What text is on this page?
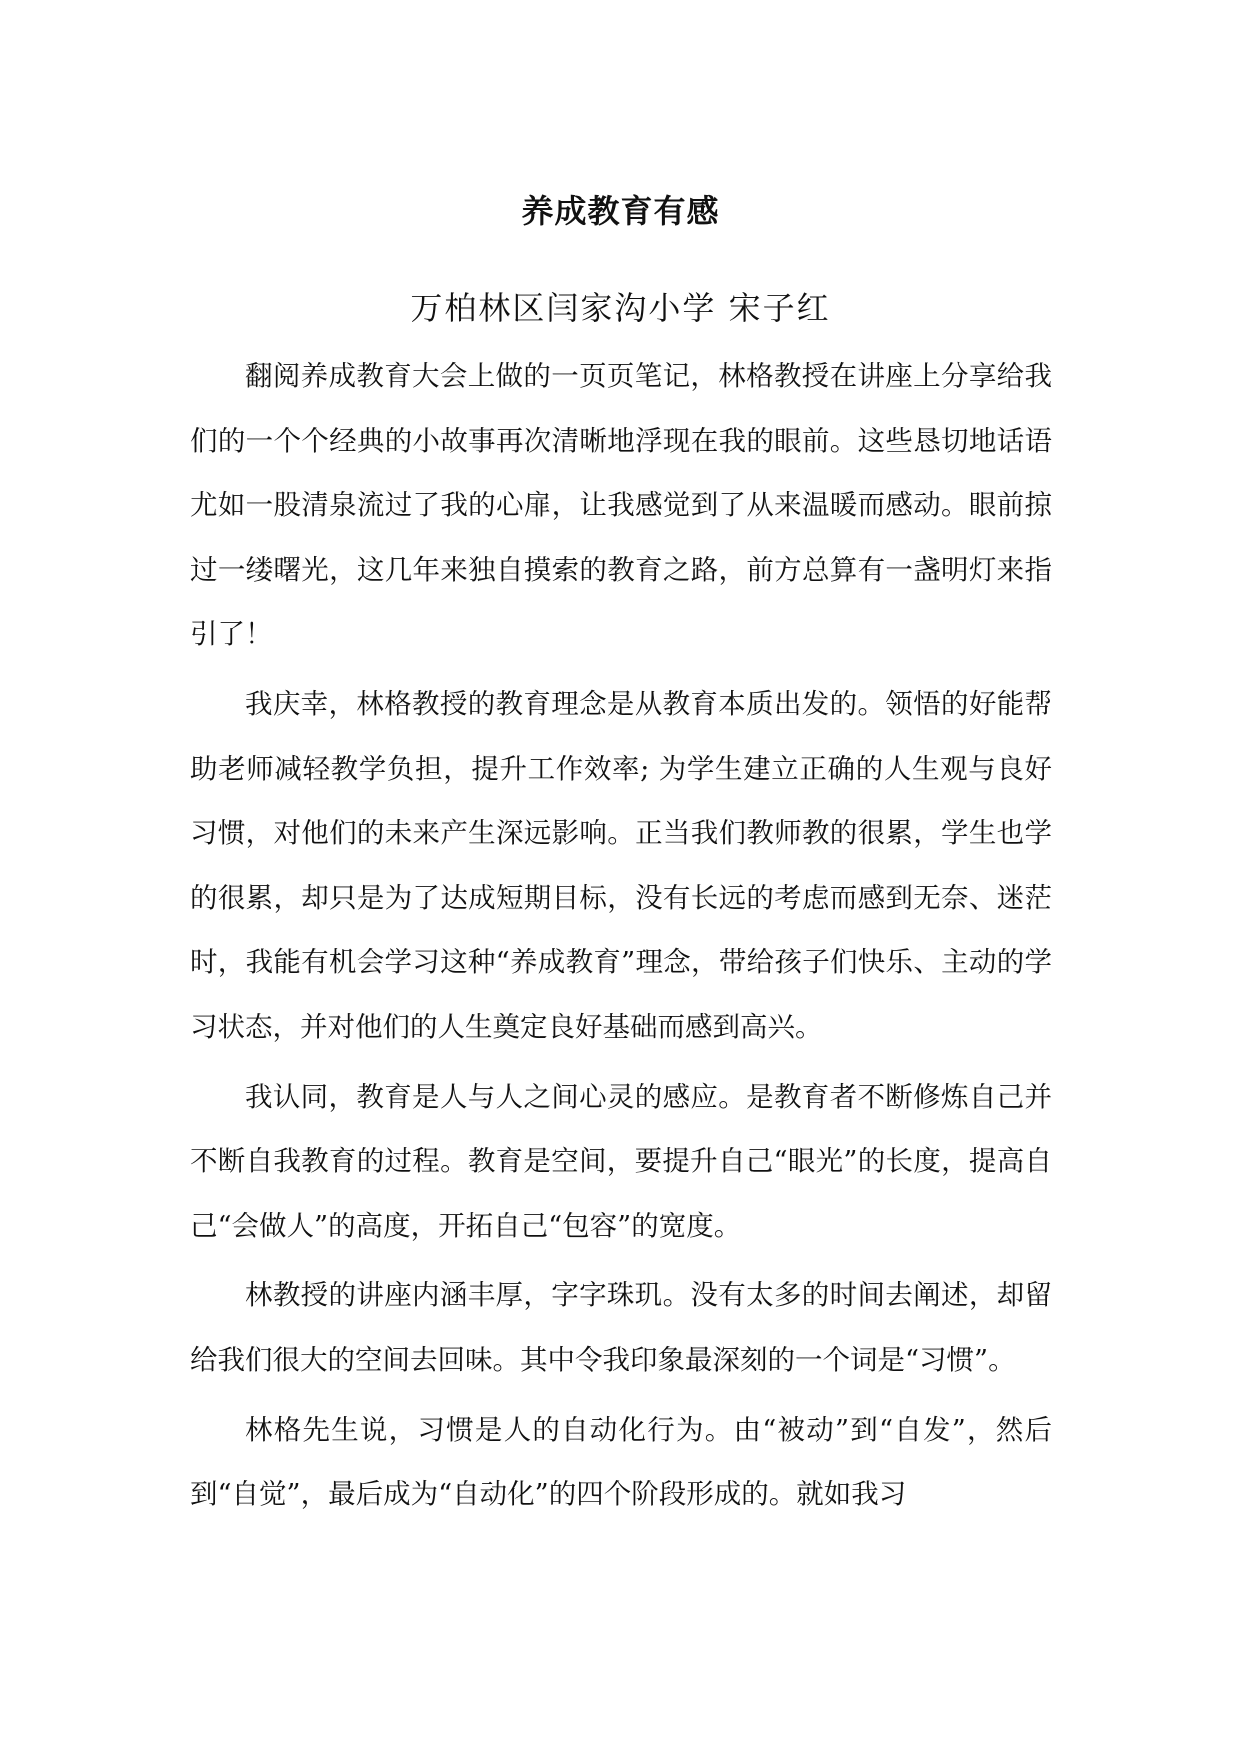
养成教育有感
万柏林区闫家沟小学 宋子红

翻阅养成教育大会上做的一页页笔记，林格教授在讲座上分享给我们的一个个经典的小故事再次清晰地浮现在我的眼前。这些恳切地话语尤如一股清泉流过了我的心扉，让我感觉到了从来温暖而感动。眼前掠过一缕曙光，这几年来独自摸索的教育之路，前方总算有一盏明灯来指引了！

我庆幸，林格教授的教育理念是从教育本质出发的。领悟的好能帮助老师减轻教学负担，提升工作效率; 为学生建立正确的人生观与良好习惯，对他们的未来产生深远影响。正当我们教师教的很累，学生也学的很累，却只是为了达成短期目标，没有长远的考虑而感到无奈、迷茫时，我能有机会学习这种“养成教育”理念，带给孩子们快乐、主动的学习状态，并对他们的人生奠定良好基础而感到高兴。

我认同，教育是人与人之间心灵的感应。是教育者不断修炼自己并不断自我教育的过程。教育是空间，要提升自己“眼光”的长度，提高自己“会做人”的高度，开拓自己“包容”的宽度。

林教授的讲座内涵丰厚，字字珠玑。没有太多的时间去阐述，却留给我们很大的空间去回味。其中令我印象最深刻的一个词是“习惯”。

林格先生说，习惯是人的自动化行为。由“被动”到“自发”，然后到“自觉”，最后成为“自动化”的四个阶段形成的。就如我习
